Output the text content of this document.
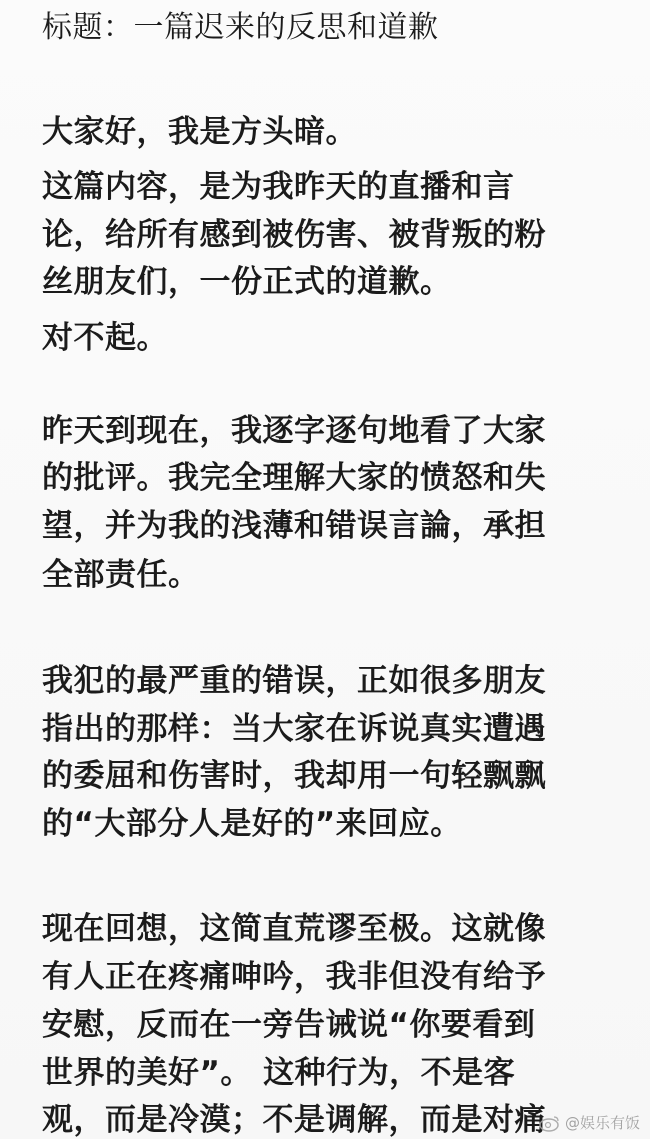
标题：一篇迟来的反思和道歉
大家好，我是方头暗。
这篇内容，是为我昨天的直播和言
论，给所有感到被伤害、被背叛的粉
丝朋友们，一份正式的道歉。
对不起。
昨天到现在，我逐字逐句地看了大家
的批评。我完全理解大家的愤怒和失
望，并为我的浅薄和错误言論，承担
全部责任。
我犯的最严重的错误，正如很多朋友
指出的那样：当大家在诉说真实遭遇
的委屈和伤害时，我却用一句轻飘飘
的“大部分人是好的”来回应。
现在回想，这简直荒谬至极。这就像
有人正在疼痛呻吟，我非但没有给予
安慰，反而在一旁告诫说“你要看到
世界的美好”。 这种行为，不是客
观，而是冷漠；不是调解，而是对痛 @娱乐有饭
